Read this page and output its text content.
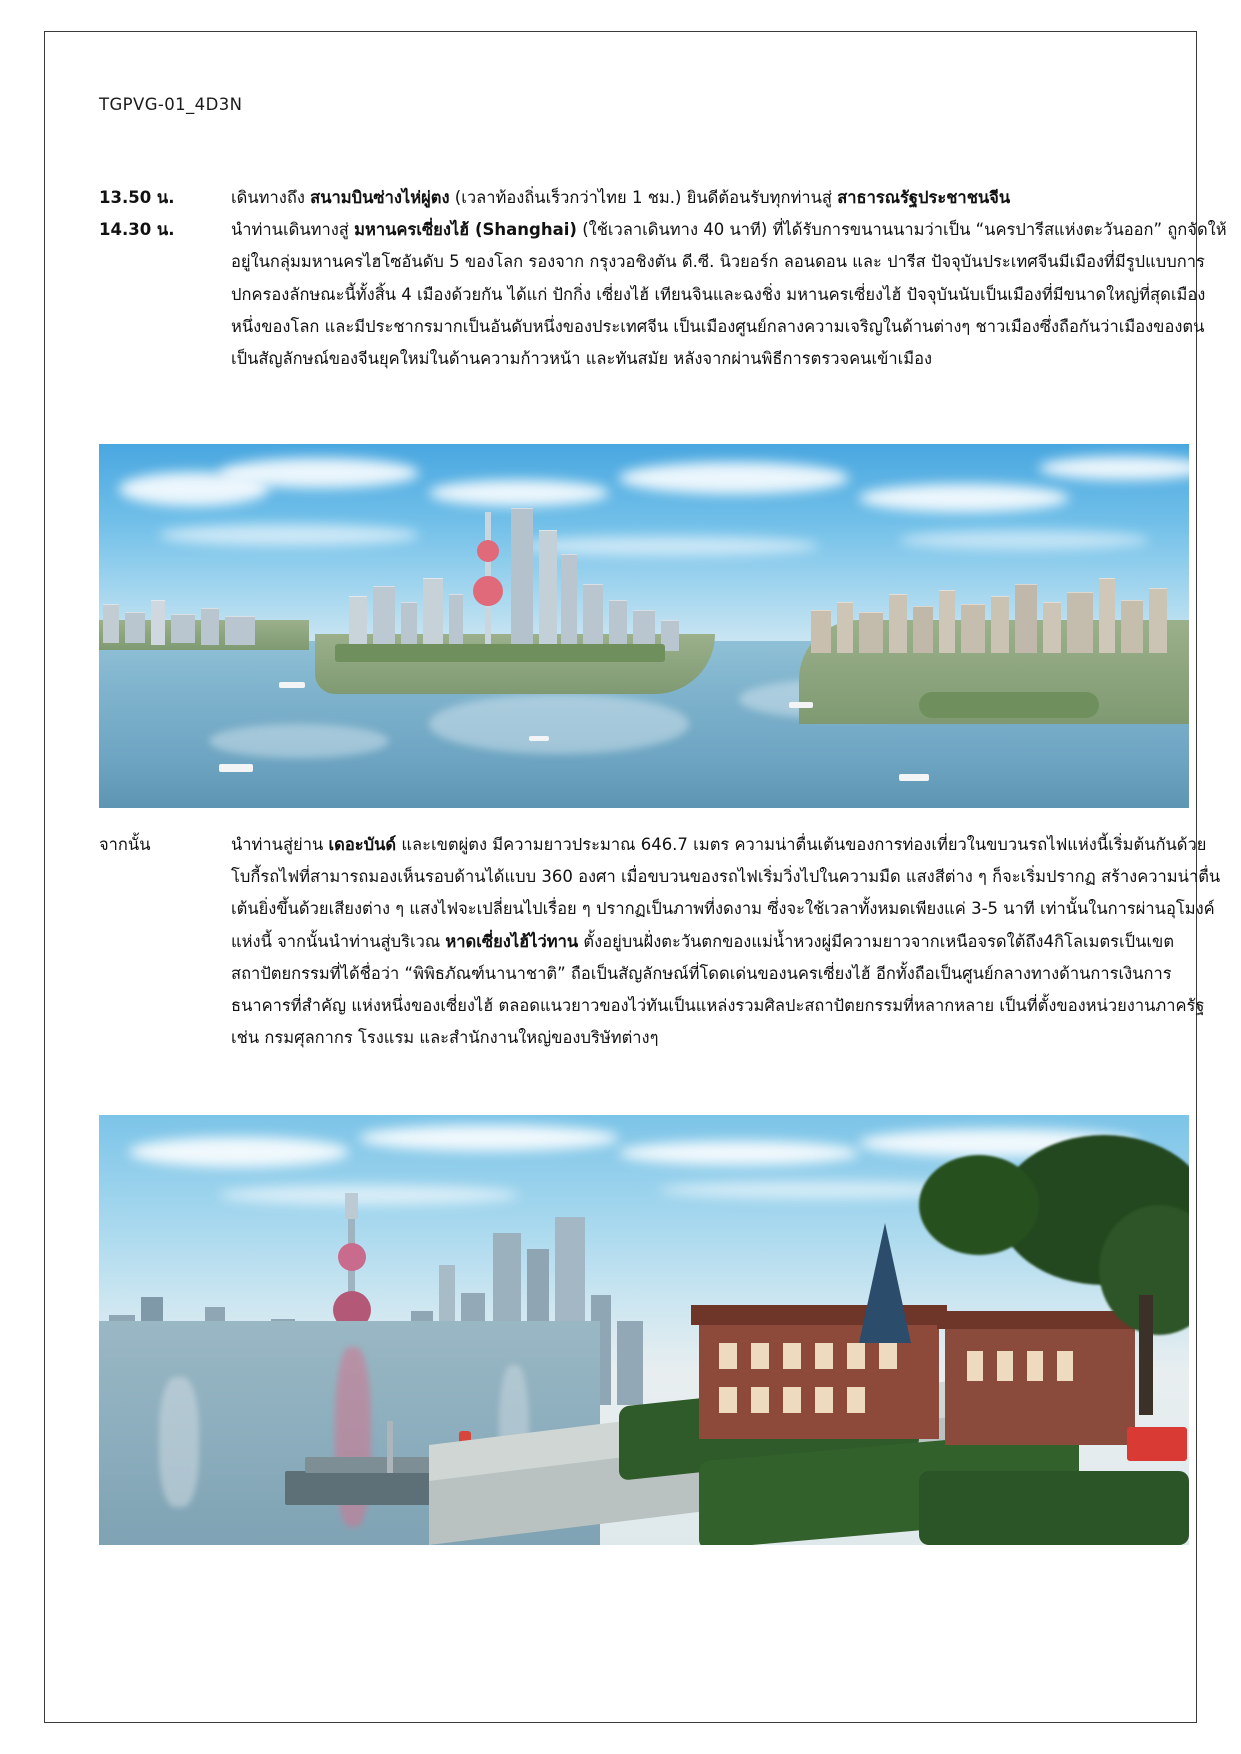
TGPVG-01_4D3N
13.50 น.	เดินทางถึง สนามบินซ่างไห่ผู่ตง (เวลาท้องถิ่นเร็วกว่าไทย 1 ชม.) ยินดีต้อนรับทุกท่านสู่ สาธารณรัฐประชาชนจีน
14.30 น.	นำท่านเดินทางสู่ มหานครเซี่ยงไฮ้ (Shanghai) (ใช้เวลาเดินทาง 40 นาที) ที่ได้รับการขนานนามว่าเป็น “นครปารีสแห่งตะวันออก” ถูกจัดให้อยู่ในกลุ่มมหานครไฮโซอันดับ 5 ของโลก รองจาก กรุงวอชิงตัน ดี.ซี. นิวยอร์ก ลอนดอน และ ปารีส ปัจจุบันประเทศจีนมีเมืองที่มีรูปแบบการปกครองลักษณะนี้ทั้งสิ้น 4 เมืองด้วยกัน ได้แก่ ปักกิ่ง เซี่ยงไฮ้ เทียนจินและฉงชิ่ง มหานครเซี่ยงไฮ้ ปัจจุบันนับเป็นเมืองที่มีขนาดใหญ่ที่สุดเมืองหนึ่งของโลก และมีประชากรมากเป็นอันดับหนึ่งของประเทศจีน เป็นเมืองศูนย์กลางความเจริญในด้านต่างๆ ชาวเมืองซึ่งถือกันว่าเมืองของตนเป็นสัญลักษณ์ของจีนยุคใหม่ในด้านความก้าวหน้า และทันสมัย หลังจากผ่านพิธีการตรวจคนเข้าเมือง
จากนั้น	นำท่านสู่ย่าน เดอะบันด์ และเขตผู่ตง มีความยาวประมาณ 646.7 เมตร ความน่าตื่นเต้นของการท่องเที่ยวในขบวนรถไฟแห่งนี้เริ่มต้นกันด้วย โบกี้รถไฟที่สามารถมองเห็นรอบด้านได้แบบ 360 องศา เมื่อขบวนของรถไฟเริ่มวิ่งไปในความมืด แสงสีต่าง ๆ ก็จะเริ่มปรากฏ สร้างความน่าตื่นเต้นยิ่งขึ้นด้วยเสียงต่าง ๆ แสงไฟจะเปลี่ยนไปเรื่อย ๆ ปรากฏเป็นภาพที่งดงาม ซึ่งจะใช้เวลาทั้งหมดเพียงแค่ 3-5 นาที เท่านั้นในการผ่านอุโมงค์แห่งนี้ จากนั้นนำท่านสู่บริเวณ หาดเซี่ยงไฮ้ไว่ทาน ตั้งอยู่บนฝั่งตะวันตกของแม่น้ำหวงผู่มีความยาวจากเหนือจรดใต้ถึง4กิโลเมตรเป็นเขตสถาปัตยกรรมที่ได้ชื่อว่า “พิพิธภัณฑ์นานาชาติ” ถือเป็นสัญลักษณ์ที่โดดเด่นของนครเซี่ยงไฮ้ อีกทั้งถือเป็นศูนย์กลางทางด้านการเงินการธนาคารที่สำคัญ แห่งหนึ่งของเซี่ยงไฮ้ ตลอดแนวยาวของไว่ทันเป็นแหล่งรวมศิลปะสถาปัตยกรรมที่หลากหลาย เป็นที่ตั้งของหน่วยงานภาครัฐ เช่น กรมศุลกากร โรงแรม และสำนักงานใหญ่ของบริษัทต่างๆ
